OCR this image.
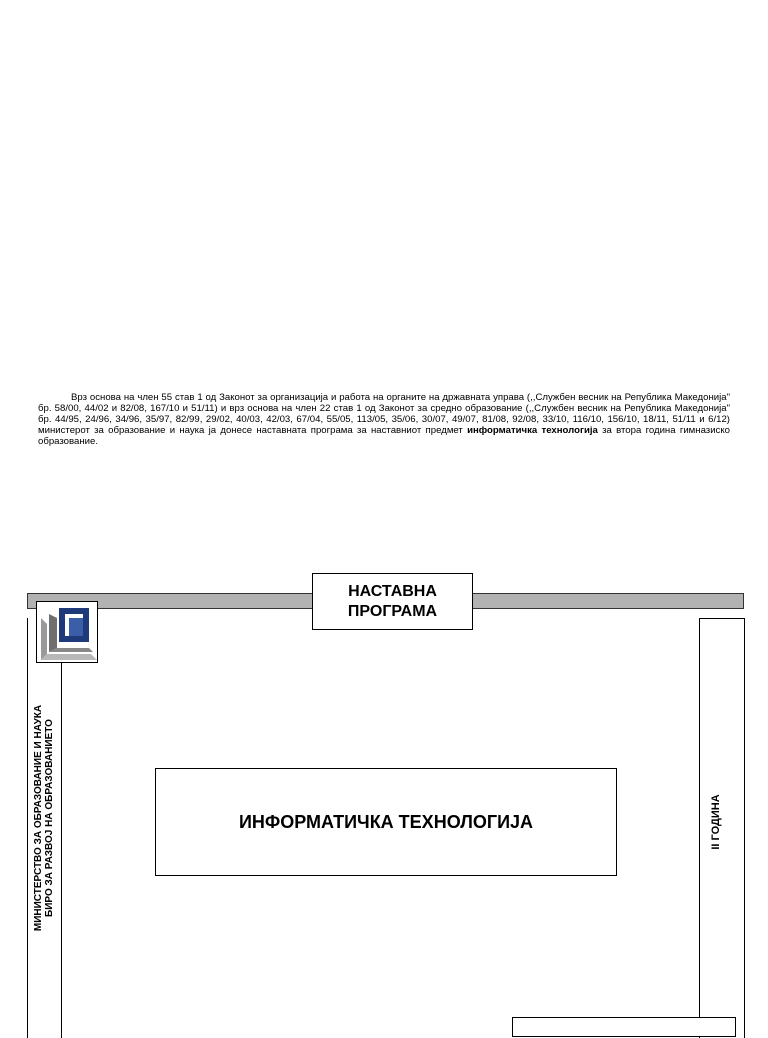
Врз основа на член 55 став 1 од Законот за организација и работа на органите на државната управа (,,Службен весник на Република Македонија" бр. 58/00, 44/02 и 82/08, 167/10 и 51/11) и врз основа на член 22 став 1 од Законот за средно образование (,,Службен весник на Република Македонија" бр. 44/95, 24/96, 34/96, 35/97, 82/99, 29/02, 40/03, 42/03, 67/04, 55/05, 113/05, 35/06, 30/07, 49/07, 81/08, 92/08, 33/10, 116/10, 156/10, 18/11, 51/11 и 6/12) министерот за образование и наука ја донесе наставната програма за наставниот предмет информатичка технологија за втора година гимназиско образование.
МИНИСТЕРСТВО ЗА ОБРАЗОВАНИЕ И НАУКА БИРО ЗА РАЗВОЈ НА ОБРАЗОВАНИЕТО
НАСТАВНА
ПРОГРАМА
II ГОДИНА
ИНФОРМАТИЧКА ТЕХНОЛОГИЈА
